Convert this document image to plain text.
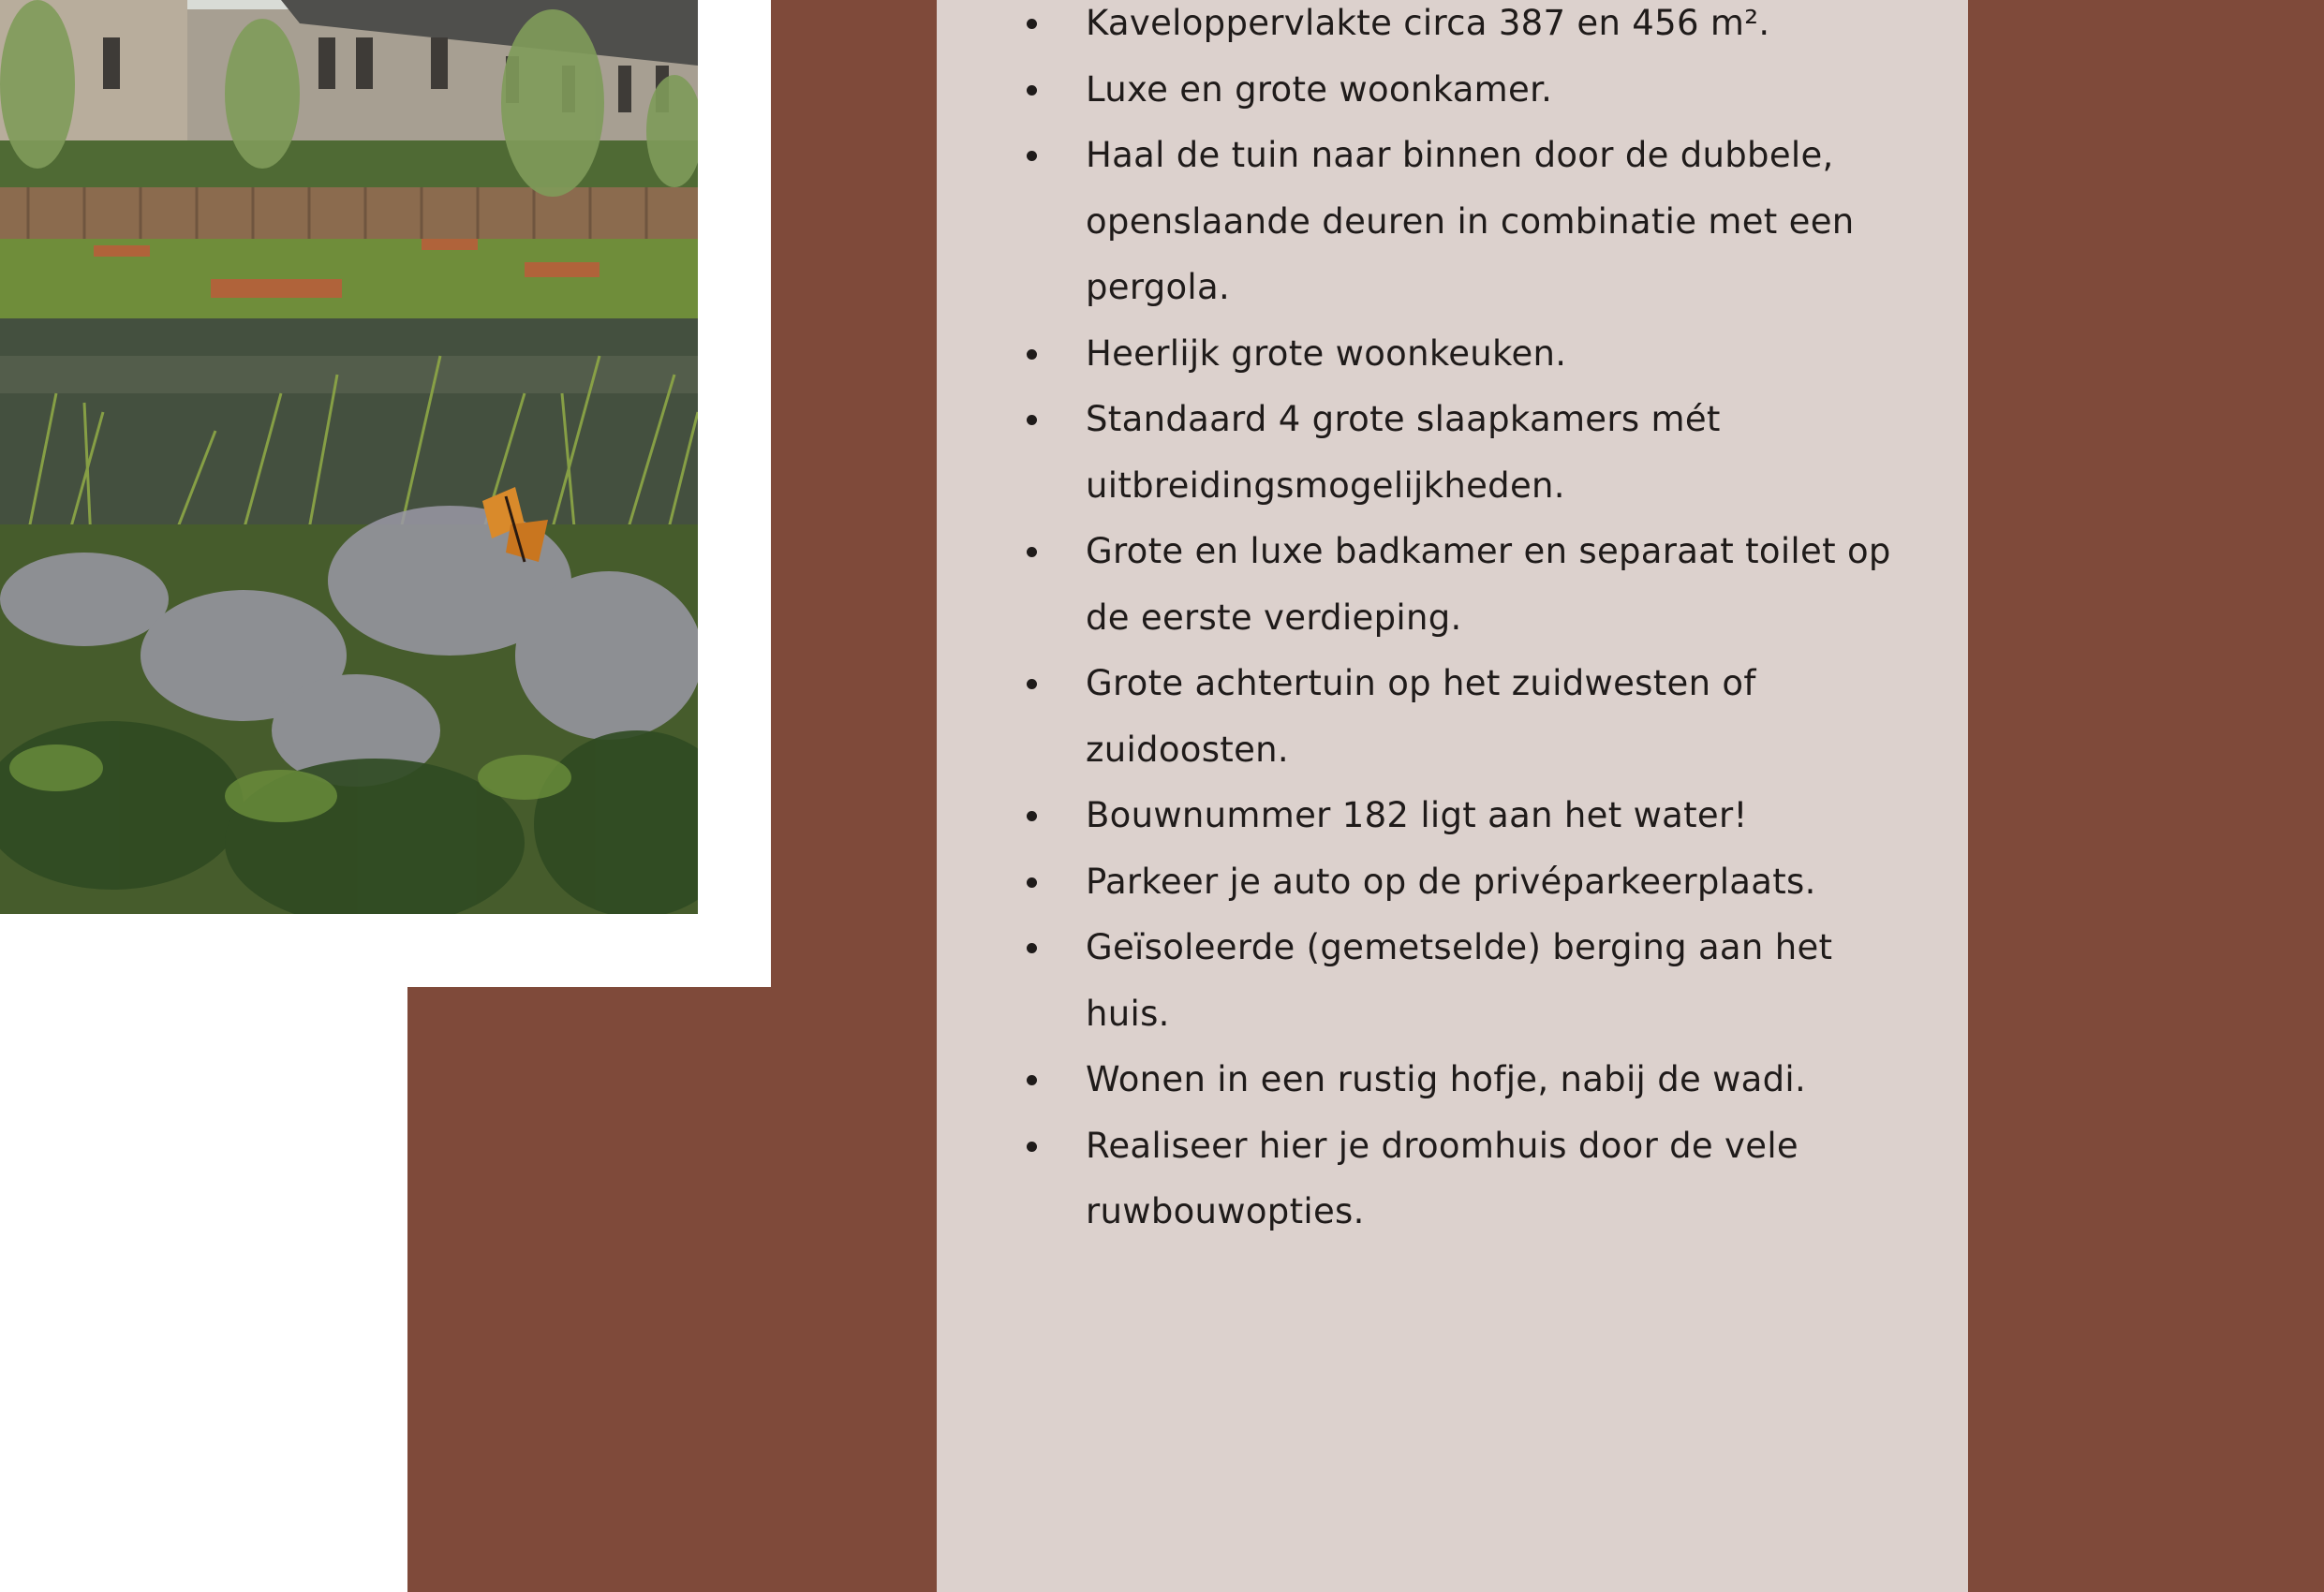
Kaveloppervlakte circa 387 en 456 m².
Luxe en grote woonkamer.
Haal de tuin naar binnen door de dubbele, openslaande deuren in combinatie met een pergola.
Heerlijk grote woonkeuken.
Standaard 4 grote slaapkamers mét uitbreidingsmogelijkheden.
Grote en luxe badkamer en separaat toilet op de eerste verdieping.
Grote achtertuin op het zuidwesten of zuidoosten.
Bouwnummer 182 ligt aan het water!
Parkeer je auto op de privéparkeerplaats.
Geïsoleerde (gemetselde) berging aan het huis.
Wonen in een rustig hofje, nabij de wadi.
Realiseer hier je droomhuis door de vele ruwbouwopties.
